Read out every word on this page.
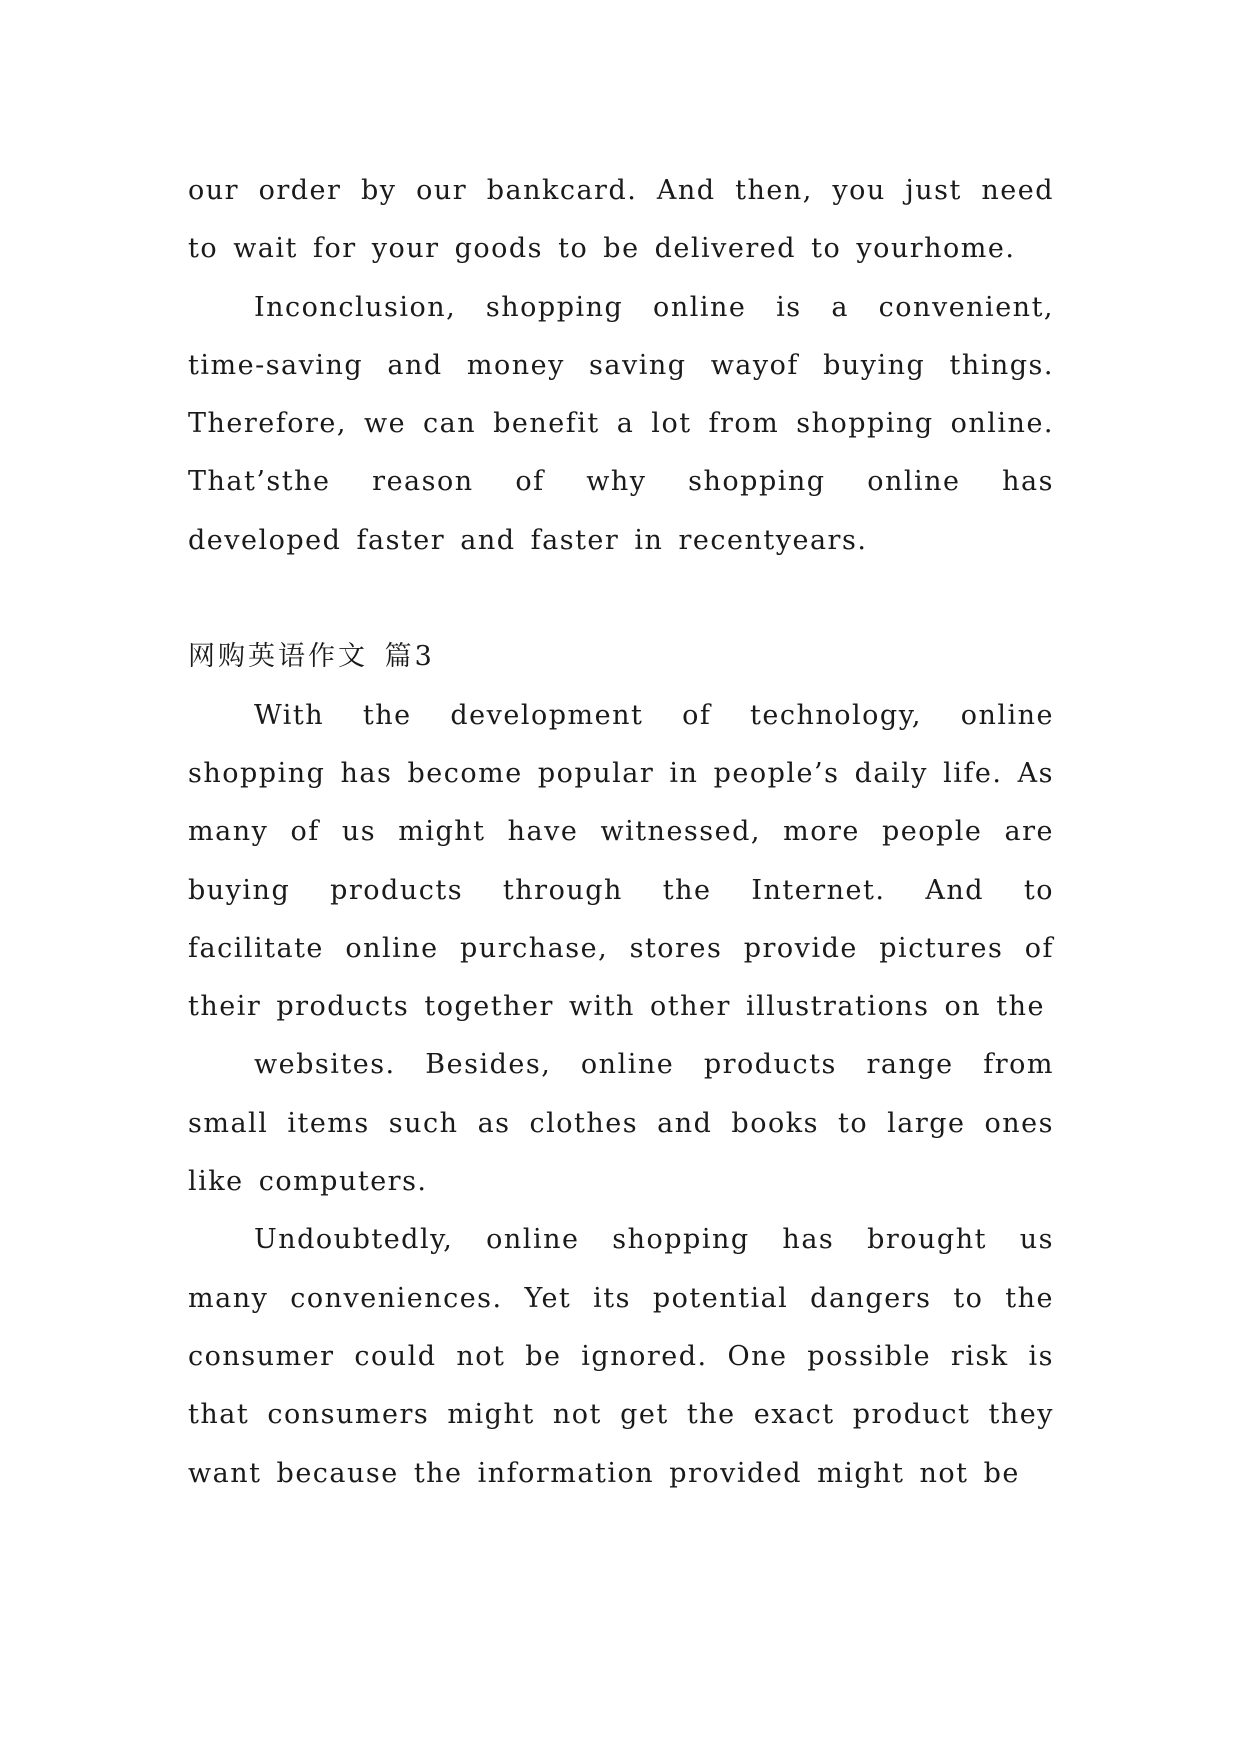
our order by our bankcard. And then, you just need to wait for your goods to be delivered to yourhome.

Inconclusion, shopping online is a convenient, time-saving and money saving wayof buying things. Therefore, we can benefit a lot from shopping online. That’sthe reason of why shopping online has developed faster and faster in recentyears.

网购英语作文 篇3

With the development of technology, online shopping has become popular in people’s daily life. As many of us might have witnessed, more people are buying products through the Internet. And to facilitate online purchase, stores provide pictures of their products together with other illustrations on the

websites. Besides, online products range from small items such as clothes and books to large ones like computers.

Undoubtedly, online shopping has brought us many conveniences. Yet its potential dangers to the consumer could not be ignored. One possible risk is that consumers might not get the exact product they want because the information provided might not be
